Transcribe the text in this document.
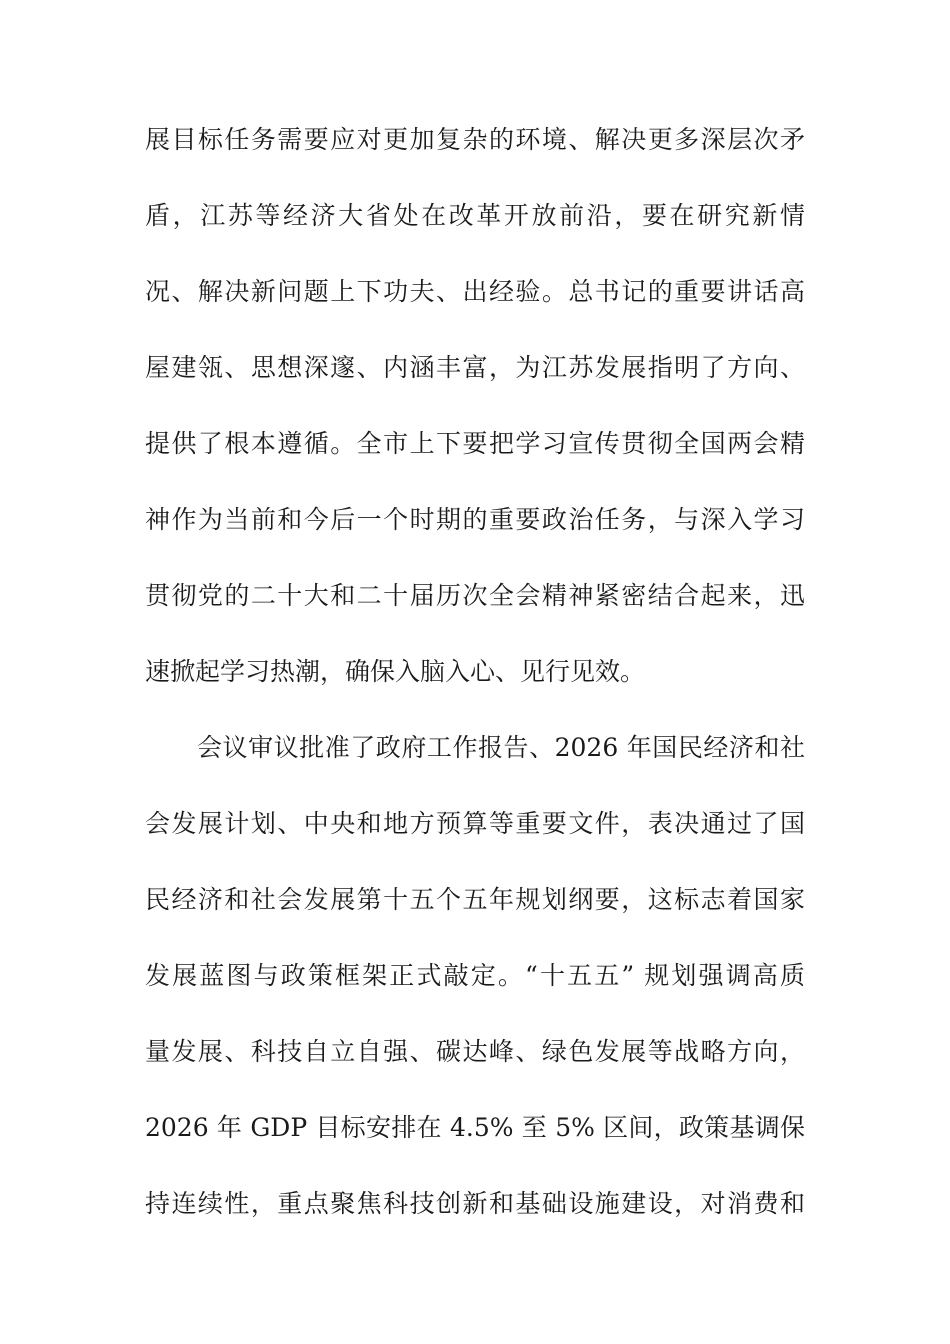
展目标任务需要应对更加复杂的环境、解决更多深层次矛
盾，江苏等经济大省处在改革开放前沿，要在研究新情
况、解决新问题上下功夫、出经验。总书记的重要讲话高
屋建瓴、思想深邃、内涵丰富，为江苏发展指明了方向、
提供了根本遵循。全市上下要把学习宣传贯彻全国两会精
神作为当前和今后一个时期的重要政治任务，与深入学习
贯彻党的二十大和二十届历次全会精神紧密结合起来，迅
速掀起学习热潮，确保入脑入心、见行见效。
会议审议批准了政府工作报告、2026 年国民经济和社
会发展计划、中央和地方预算等重要文件，表决通过了国
民经济和社会发展第十五个五年规划纲要，这标志着国家
发展蓝图与政策框架正式敲定。“十五五” 规划强调高质
量发展、科技自立自强、碳达峰、绿色发展等战略方向，
2026 年 GDP 目标安排在 4.5% 至 5% 区间，政策基调保
持连续性，重点聚焦科技创新和基础设施建设，对消费和
